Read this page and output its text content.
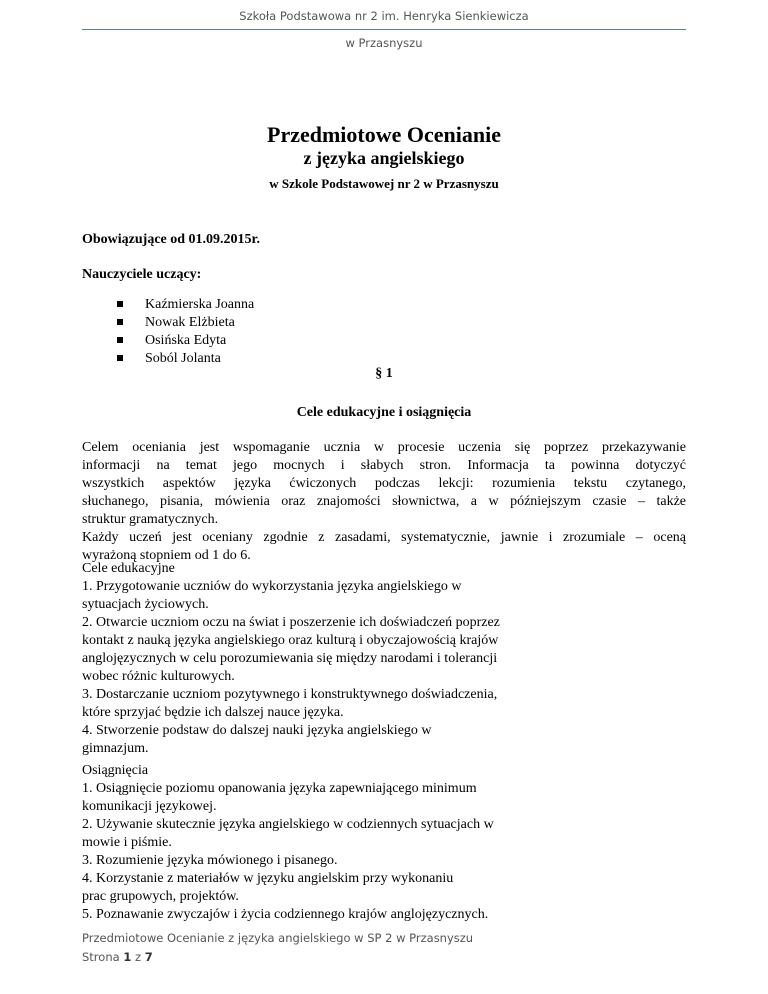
Szkoła Podstawowa nr 2 im. Henryka Sienkiewicza
w Przasnyszu
Przedmiotowe Ocenianie
z języka angielskiego
w Szkole Podstawowej nr 2 w Przasnyszu
Obowiązujące od 01.09.2015r.
Nauczyciele uczący:
Kaźmierska Joanna
Nowak Elżbieta
Osińska Edyta
Soból Jolanta
§ 1
Cele edukacyjne i osiągnięcia
Celem oceniania jest wspomaganie ucznia w procesie uczenia się poprzez przekazywanie
informacji na temat jego mocnych i słabych stron. Informacja ta powinna dotyczyć
wszystkich aspektów języka ćwiczonych podczas lekcji: rozumienia tekstu czytanego,
słuchanego, pisania, mówienia oraz znajomości słownictwa, a w późniejszym czasie – także
struktur gramatycznych.
Każdy uczeń jest oceniany zgodnie z zasadami, systematycznie, jawnie i zrozumiale – oceną
wyrażoną stopniem od 1 do 6.
Cele edukacyjne
1. Przygotowanie uczniów do wykorzystania języka angielskiego w
sytuacjach życiowych.
2. Otwarcie uczniom oczu na świat i poszerzenie ich doświadczeń poprzez
kontakt z nauką języka angielskiego oraz kulturą i obyczajowością krajów
anglojęzycznych w celu porozumiewania się między narodami i tolerancji
wobec różnic kulturowych.
3. Dostarczanie uczniom pozytywnego i konstruktywnego doświadczenia,
które sprzyjać będzie ich dalszej nauce języka.
4. Stworzenie podstaw do dalszej nauki języka angielskiego w
gimnazjum.
Osiągnięcia
1. Osiągnięcie poziomu opanowania języka zapewniającego minimum
komunikacji językowej.
2. Używanie skutecznie języka angielskiego w codziennych sytuacjach w
mowie i piśmie.
3. Rozumienie języka mówionego i pisanego.
4. Korzystanie z materiałów w języku angielskim przy wykonaniu
prac grupowych, projektów.
5. Poznawanie zwyczajów i życia codziennego krajów anglojęzycznych.
Przedmiotowe Ocenianie z języka angielskiego w SP 2 w Przasnyszu
Strona 1 z 7
